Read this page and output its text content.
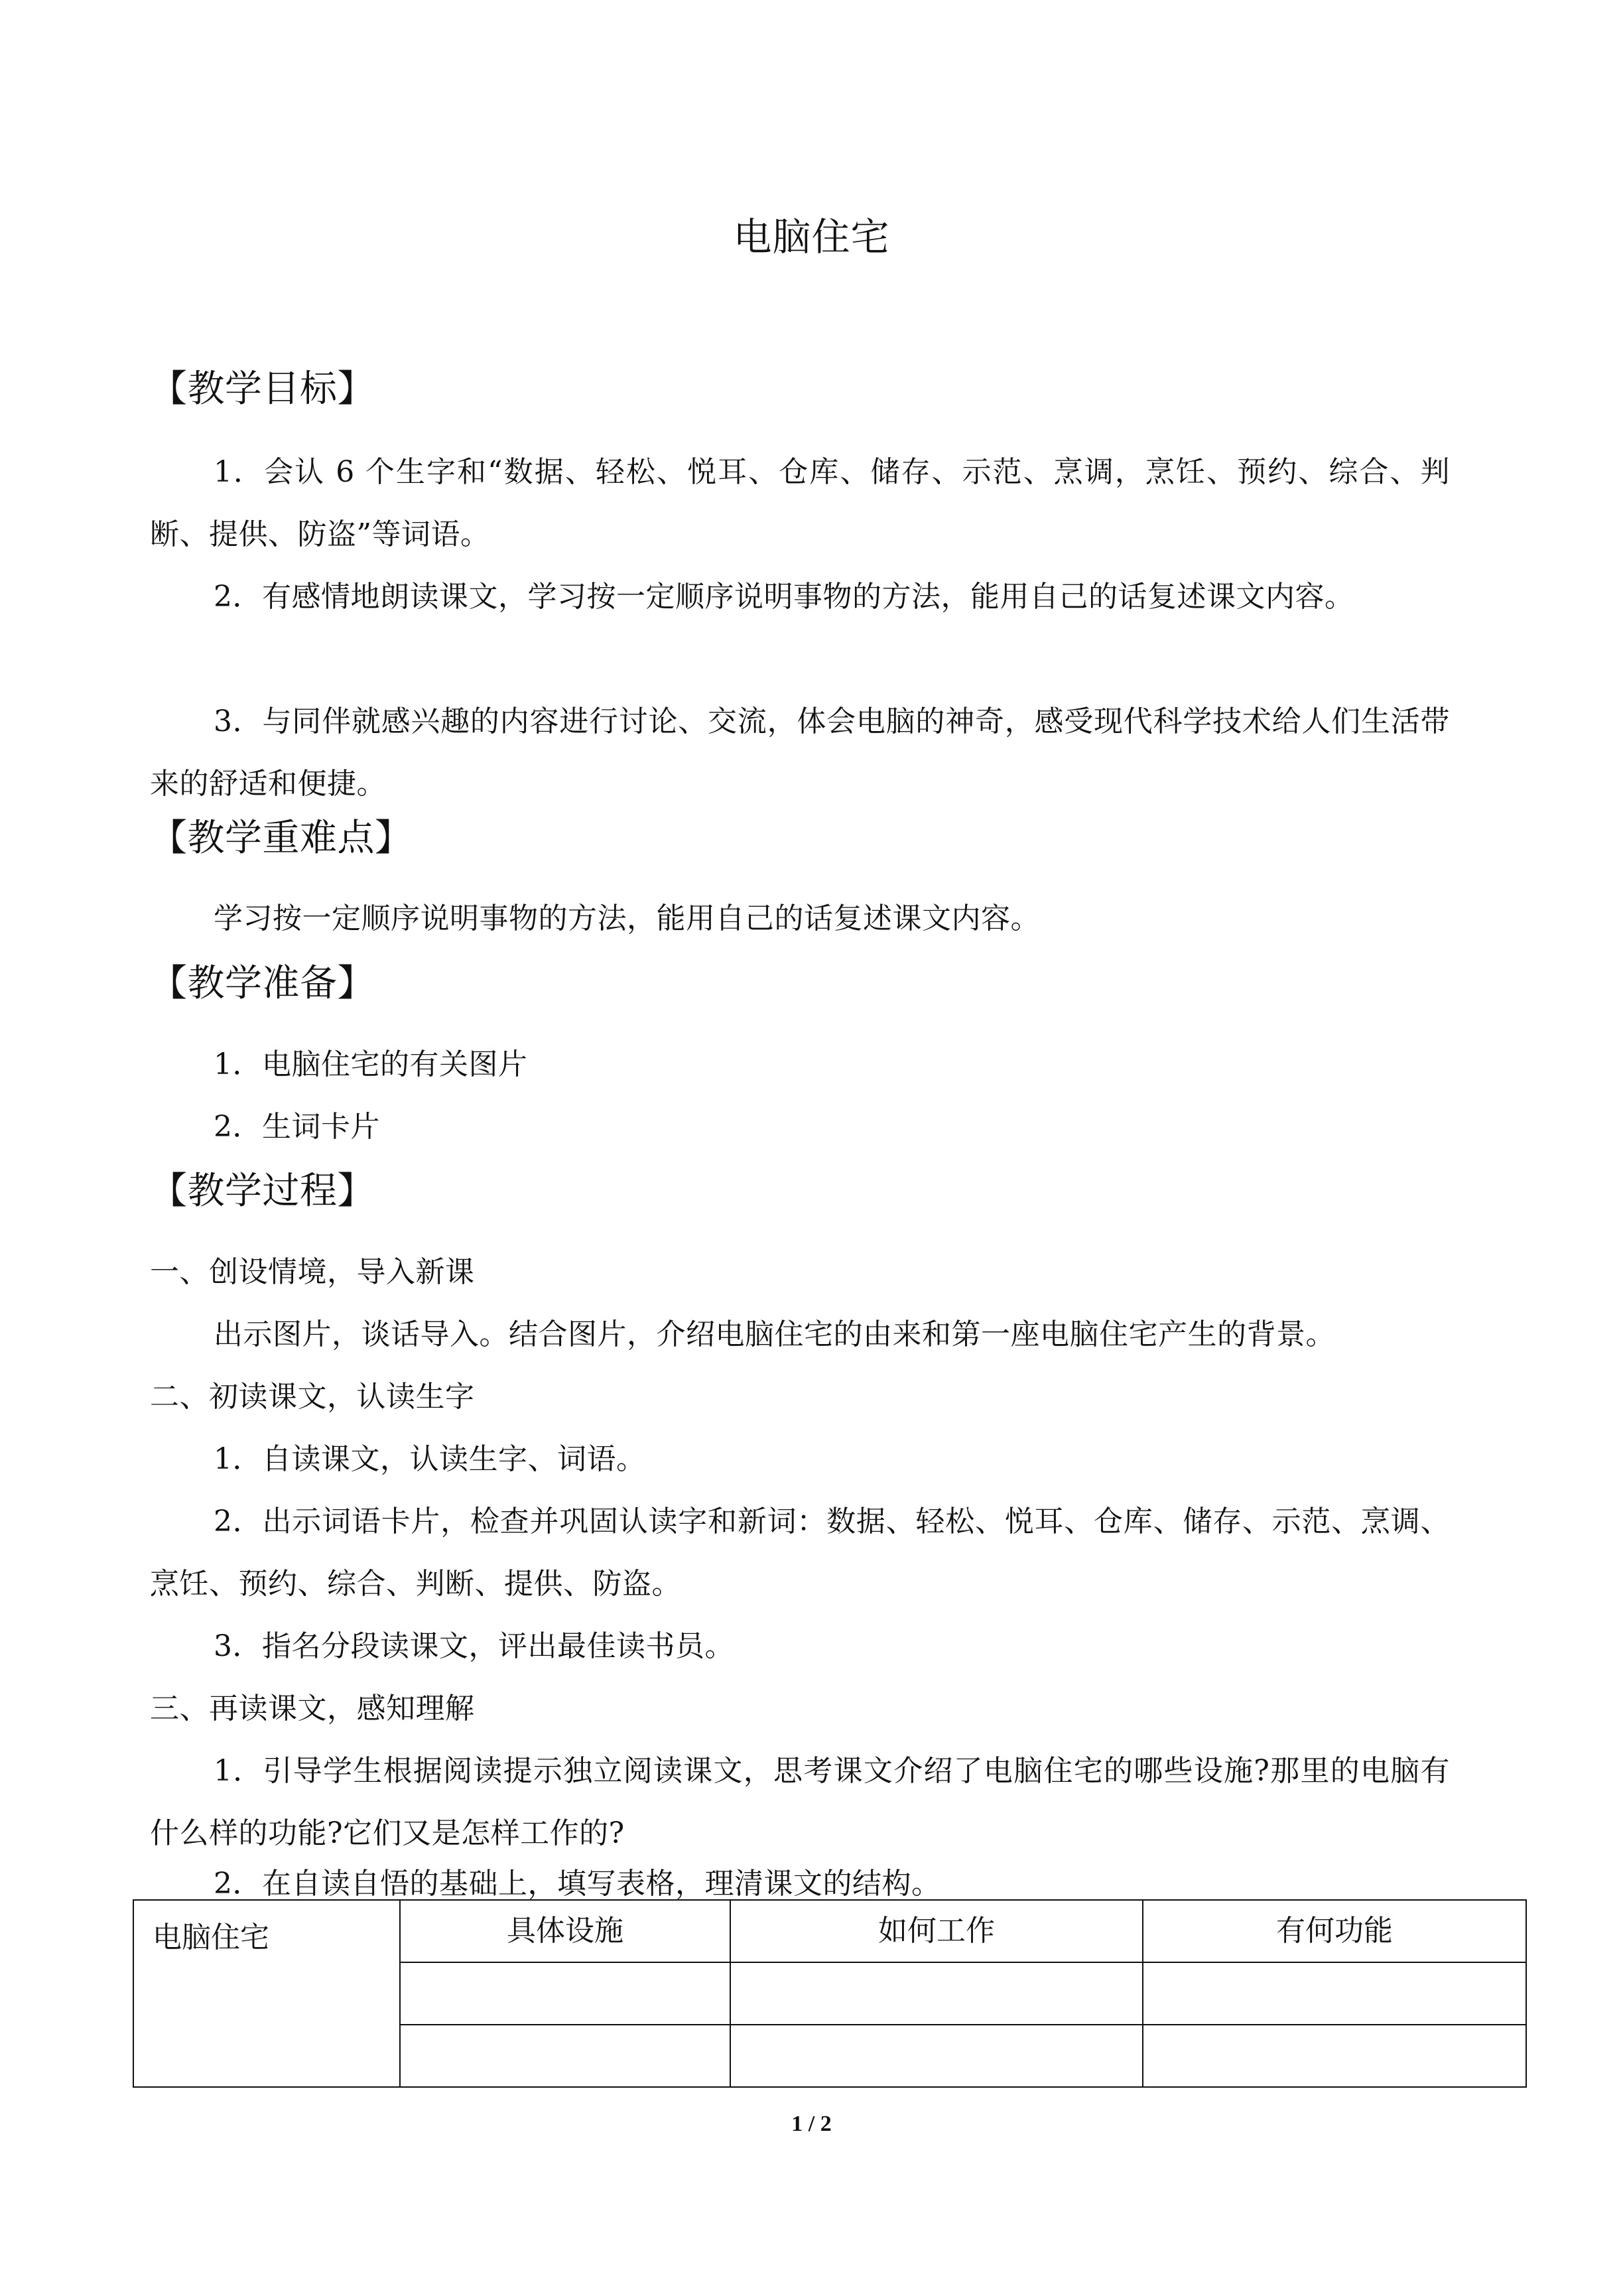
电脑住宅
【教学目标】
1．会认 6 个生字和“数据、轻松、悦耳、仓库、储存、示范、烹调，烹饪、预约、综合、判断、提供、防盗”等词语。
2．有感情地朗读课文，学习按一定顺序说明事物的方法，能用自己的话复述课文内容。
3．与同伴就感兴趣的内容进行讨论、交流，体会电脑的神奇，感受现代科学技术给人们生活带来的舒适和便捷。
【教学重难点】
学习按一定顺序说明事物的方法，能用自己的话复述课文内容。
【教学准备】
1．电脑住宅的有关图片
2．生词卡片
【教学过程】
一、创设情境，导入新课
出示图片，谈话导入。结合图片，介绍电脑住宅的由来和第一座电脑住宅产生的背景。
二、初读课文，认读生字
1．自读课文，认读生字、词语。
2．出示词语卡片，检查并巩固认读字和新词：数据、轻松、悦耳、仓库、储存、示范、烹调、烹饪、预约、综合、判断、提供、防盗。
3．指名分段读课文，评出最佳读书员。
三、再读课文，感知理解
1．引导学生根据阅读提示独立阅读课文，思考课文介绍了电脑住宅的哪些设施?那里的电脑有什么样的功能?它们又是怎样工作的?
2．在自读自悟的基础上，填写表格，理清课文的结构。
电脑住宅	具体设施	如何工作	有何功能

1 / 2
